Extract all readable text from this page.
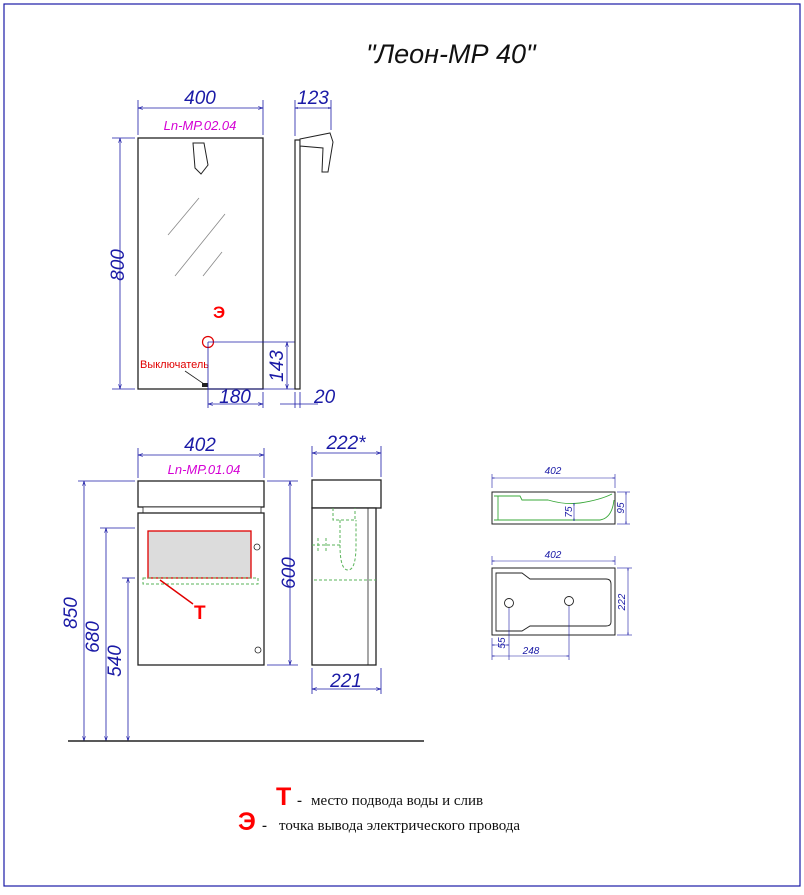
"Леон-МР 40"
Э
Выключатель
400
Ln-MP.02.04
800
143
180
123
20
Т
402
Ln-MP.01.04
600
850
680
540
222*
221
402
75	95
402
222
55
248
Т - место подвода воды и слив
Э - точка вывода электрического провода
